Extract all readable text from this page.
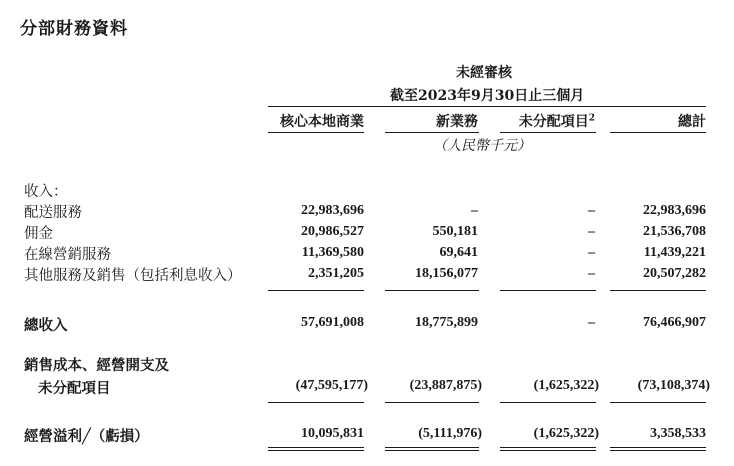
分部財務資料
未經審核
截至2023年9月30日止三個月
核心本地商業	新業務	未分配項目$^2$	總計
（人民幣千元）
收入：
配送服務	22,983,696	–	–	22,983,696
佣金	20,986,527	550,181	–	21,536,708
在線營銷服務	11,369,580	69,641	–	11,439,221
其他服務及銷售（包括利息收入）	2,351,205	18,156,077	–	20,507,282
總收入	57,691,008	18,775,899	–	76,466,907
銷售成本、經營開支及
未分配項目	(47,595,177)	(23,887,875)	(1,625,322)	(73,108,374)
經營溢利╱（虧損）	10,095,831	(5,111,976)	(1,625,322)	3,358,533
